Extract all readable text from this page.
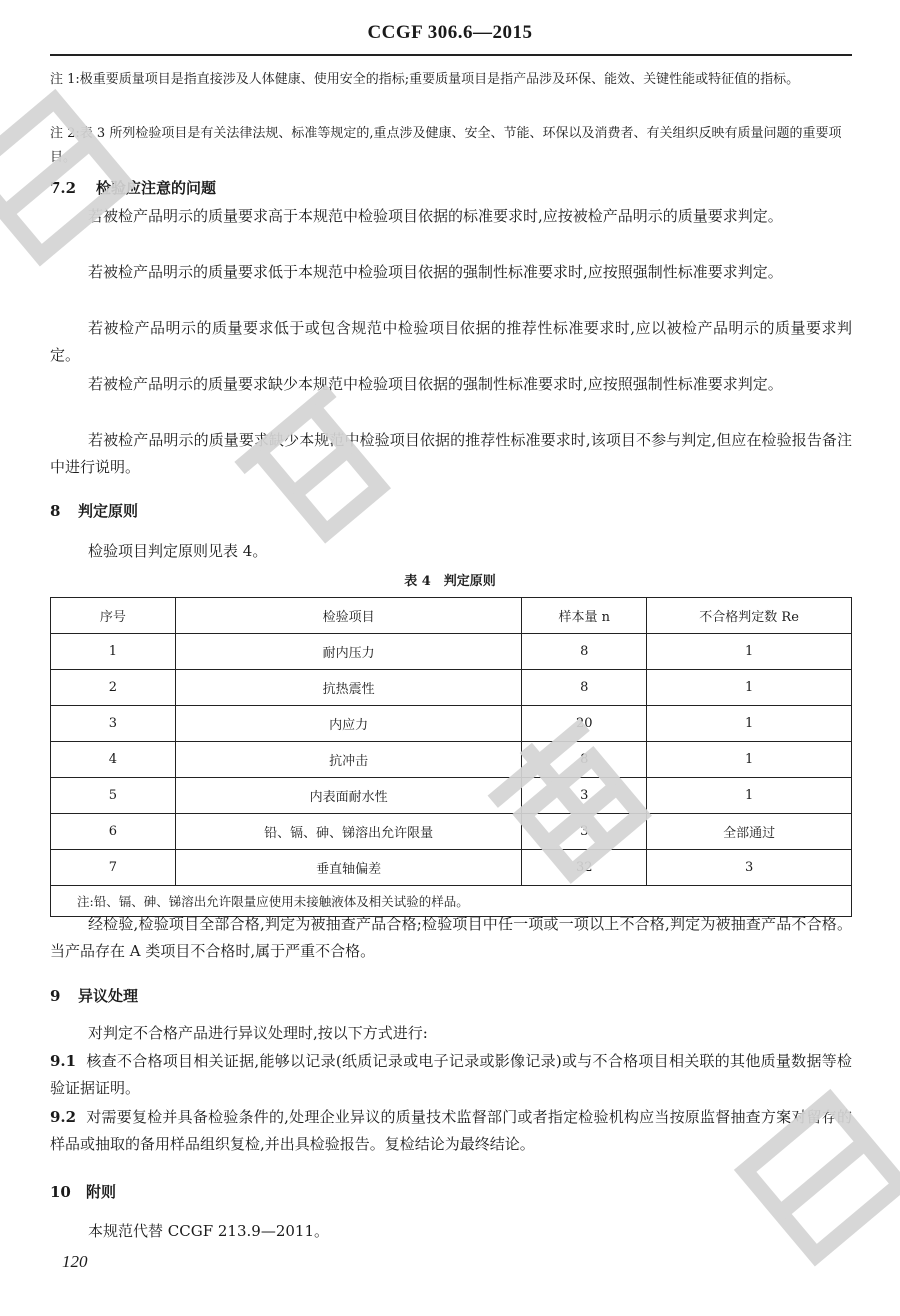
CCGF 306.6—2015
注 1:极重要质量项目是指直接涉及人体健康、使用安全的指标;重要质量项目是指产品涉及环保、能效、关键性能或特征值的指标。
注 2:表 3 所列检验项目是有关法律法规、标准等规定的,重点涉及健康、安全、节能、环保以及消费者、有关组织反映有质量问题的重要项目。
7.2 检验应注意的问题
若被检产品明示的质量要求高于本规范中检验项目依据的标准要求时,应按被检产品明示的质量要求判定。
若被检产品明示的质量要求低于本规范中检验项目依据的强制性标准要求时,应按照强制性标准要求判定。
若被检产品明示的质量要求低于或包含规范中检验项目依据的推荐性标准要求时,应以被检产品明示的质量要求判定。
若被检产品明示的质量要求缺少本规范中检验项目依据的强制性标准要求时,应按照强制性标准要求判定。
若被检产品明示的质量要求缺少本规范中检验项目依据的推荐性标准要求时,该项目不参与判定,但应在检验报告备注中进行说明。
8 判定原则
检验项目判定原则见表 4。
表 4　判定原则
序号	检验项目	样本量 n	不合格判定数 Re
1	耐内压力	8	1
2	抗热震性	8	1
3	内应力	20	1
4	抗冲击	8	1
5	内表面耐水性	3	1
6	铅、镉、砷、锑溶出允许限量	3	全部通过
7	垂直轴偏差	32	3
注:铅、镉、砷、锑溶出允许限量应使用未接触液体及相关试验的样品。			
经检验,检验项目全部合格,判定为被抽查产品合格;检验项目中任一项或一项以上不合格,判定为被抽查产品不合格。当产品存在 A 类项目不合格时,属于严重不合格。
9 异议处理
对判定不合格产品进行异议处理时,按以下方式进行:
9.1 核查不合格项目相关证据,能够以记录(纸质记录或电子记录或影像记录)或与不合格项目相关联的其他质量数据等检验证据证明。
9.2 对需要复检并具备检验条件的,处理企业异议的质量技术监督部门或者指定检验机构应当按原监督抽查方案对留存的样品或抽取的备用样品组织复检,并出具检验报告。复检结论为最终结论。
10 附则
本规范代替 CCGF 213.9—2011。
120
